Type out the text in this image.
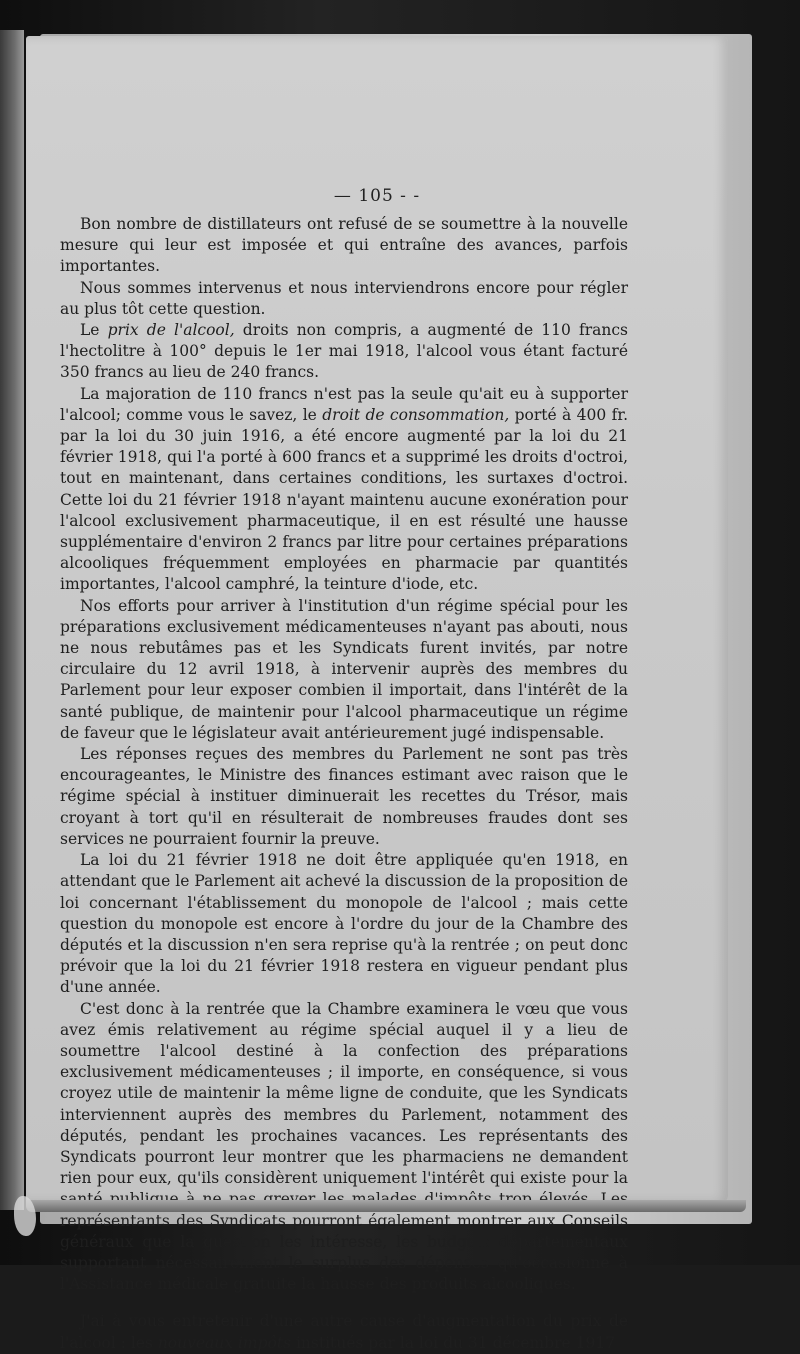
— 105 - -

Bon nombre de distillateurs ont refusé de se soumettre à la nouvelle mesure qui leur est imposée et qui entraîne des avances, parfois importantes.

Nous sommes intervenus et nous interviendrons encore pour régler au plus tôt cette question.

Le prix de l'alcool, droits non compris, a augmenté de 110 francs l'hectolitre à 100° depuis le 1er mai 1918, l'alcool vous étant facturé 350 francs au lieu de 240 francs.

La majoration de 110 francs n'est pas la seule qu'ait eu à supporter l'alcool; comme vous le savez, le droit de consommation, porté à 400 fr. par la loi du 30 juin 1916, a été encore augmenté par la loi du 21 février 1918, qui l'a porté à 600 francs et a supprimé les droits d'octroi, tout en maintenant, dans certaines conditions, les surtaxes d'octroi. Cette loi du 21 février 1918 n'ayant maintenu aucune exonération pour l'alcool exclusivement pharmaceutique, il en est résulté une hausse supplémentaire d'environ 2 francs par litre pour certaines préparations alcooliques fréquemment employées en pharmacie par quantités importantes, l'alcool camphré, la teinture d'iode, etc.

Nos efforts pour arriver à l'institution d'un régime spécial pour les préparations exclusivement médicamenteuses n'ayant pas abouti, nous ne nous rebutâmes pas et les Syndicats furent invités, par notre circulaire du 12 avril 1918, à intervenir auprès des membres du Parlement pour leur exposer combien il importait, dans l'intérêt de la santé publique, de maintenir pour l'alcool pharmaceutique un régime de faveur que le législateur avait antérieurement jugé indispensable.

Les réponses reçues des membres du Parlement ne sont pas très encourageantes, le Ministre des finances estimant avec raison que le régime spécial à instituer diminuerait les recettes du Trésor, mais croyant à tort qu'il en résulterait de nombreuses fraudes dont ses services ne pourraient fournir la preuve.

La loi du 21 février 1918 ne doit être appliquée qu'en 1918, en attendant que le Parlement ait achevé la discussion de la proposition de loi concernant l'établissement du monopole de l'alcool ; mais cette question du monopole est encore à l'ordre du jour de la Chambre des députés et la discussion n'en sera reprise qu'à la rentrée ; on peut donc prévoir que la loi du 21 février 1918 restera en vigueur pendant plus d'une année.

C'est donc à la rentrée que la Chambre examinera le vœu que vous avez émis relativement au régime spécial auquel il y a lieu de soumettre l'alcool destiné à la confection des préparations exclusivement médicamenteuses ; il importe, en conséquence, si vous croyez utile de maintenir la même ligne de conduite, que les Syndicats interviennent auprès des membres du Parlement, notamment des députés, pendant les prochaines vacances. Les représentants des Syndicats pourront leur montrer que les pharmaciens ne demandent rien pour eux, qu'ils considèrent uniquement l'intérêt qui existe pour la représentants des Syndicats pourront également montrer aux Conseils généraux que la question les intéresse, les budgets départementaux supportant nécessairement le surplus des dépenses qu'occasionne à l'Assistance médicale gratuite la hausse des produits alcooliques.

J'ai à vous entretenir d'une autre cause d'augmentation du prix de l'alcool : les nouveaux impôts institués par la loi du 31 décembre 1917
